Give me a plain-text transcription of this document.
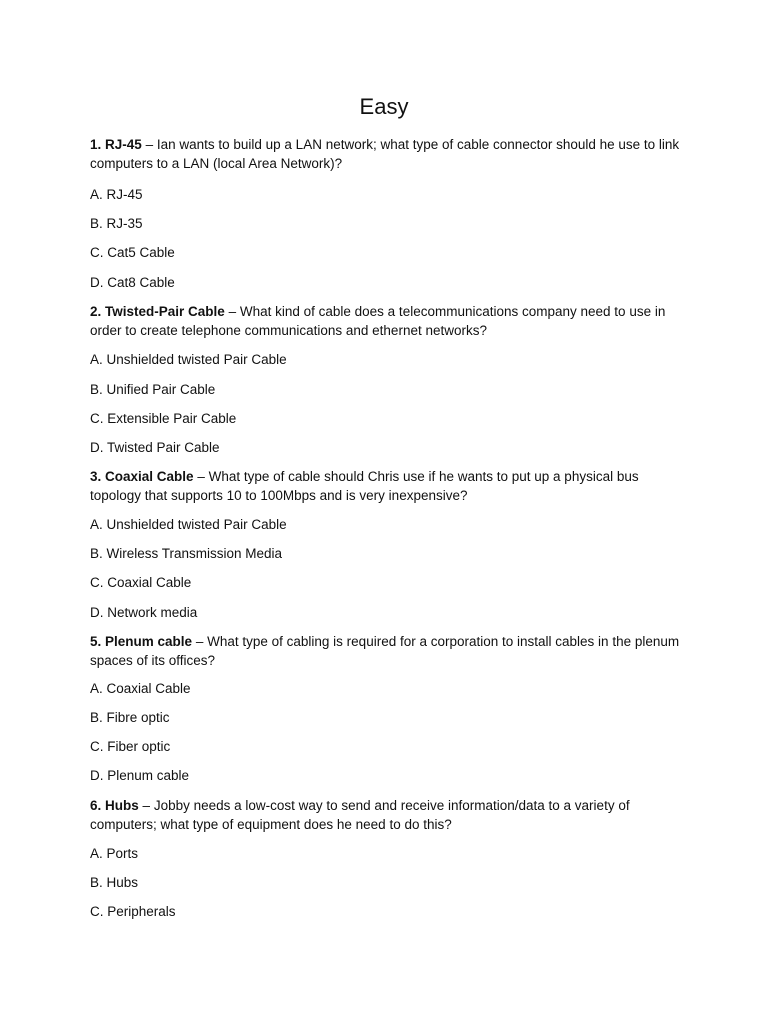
Easy

1. RJ-45 – Ian wants to build up a LAN network; what type of cable connector should he use to link computers to a LAN (local Area Network)?

A. RJ-45

B. RJ-35

C. Cat5 Cable

D. Cat8 Cable

2. Twisted-Pair Cable – What kind of cable does a telecommunications company need to use in order to create telephone communications and ethernet networks?

A. Unshielded twisted Pair Cable

B. Unified Pair Cable

C. Extensible Pair Cable

D. Twisted Pair Cable

3. Coaxial Cable – What type of cable should Chris use if he wants to put up a physical bus topology that supports 10 to 100Mbps and is very inexpensive?

A. Unshielded twisted Pair Cable

B. Wireless Transmission Media

C. Coaxial Cable

D. Network media

5. Plenum cable – What type of cabling is required for a corporation to install cables in the plenum spaces of its offices?

A. Coaxial Cable

B. Fibre optic

C. Fiber optic

D. Plenum cable

6. Hubs – Jobby needs a low-cost way to send and receive information/data to a variety of computers; what type of equipment does he need to do this?

A. Ports

B. Hubs

C. Peripherals
